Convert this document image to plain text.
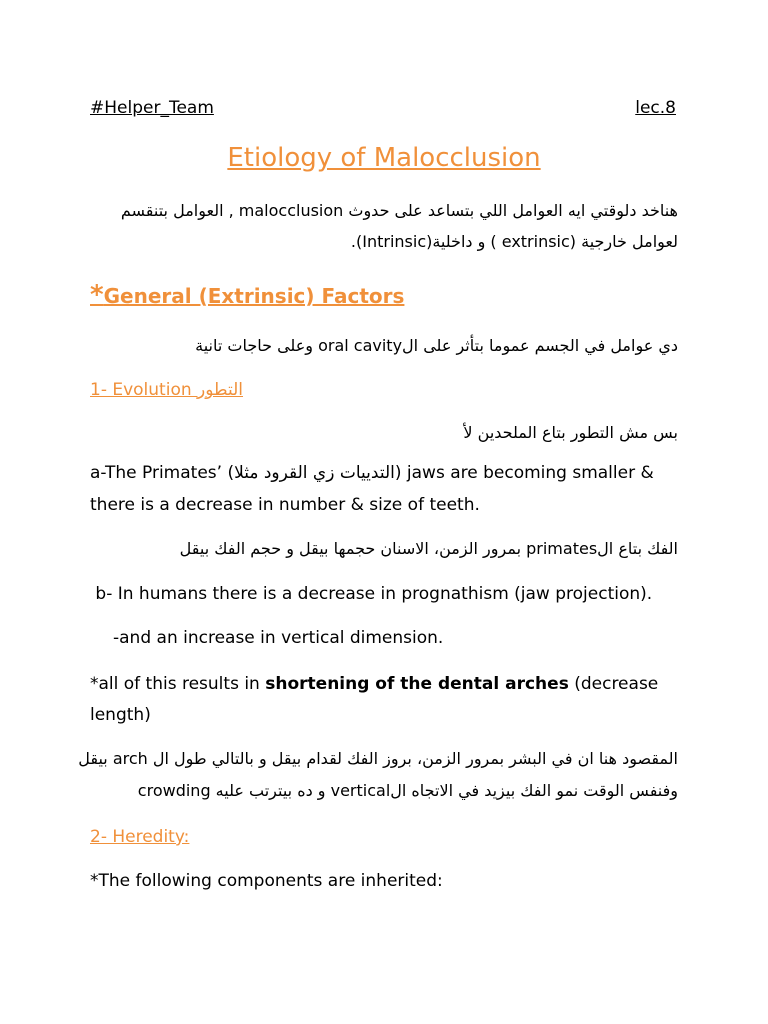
#Helper_Team	lec.8
Etiology of Malocclusion
هناخد دلوقتي ايه العوامل اللي بتساعد على حدوث malocclusion , العوامل بتنقسم
لعوامل خارجية (extrinsic ) و داخلية(Intrinsic).
*General (Extrinsic) Factors
دي عوامل في الجسم عموما بتأثر على الoral cavity وعلى حاجات تانية
1- Evolution التطور
بس مش التطور بتاع الملحدين لأ
a-The Primates’ (التدييات زي القرود مثلا) jaws are becoming smaller &
there is a decrease in number & size of teeth.
الفك بتاع الprimates بمرور الزمن، الاسنان حجمها بيقل و حجم الفك بيقل
b- In humans there is a decrease in prognathism (jaw projection).
-and an increase in vertical dimension.
*all of this results in shortening of the dental arches (decrease
length)
المقصود هنا ان في البشر بمرور الزمن، بروز الفك لقدام بيقل و بالتالي طول ال arch بيقل
وفنفس الوقت نمو الفك بيزيد في الاتجاه الvertical و ده بيترتب عليه crowding
2- Heredity:
*The following components are inherited:
